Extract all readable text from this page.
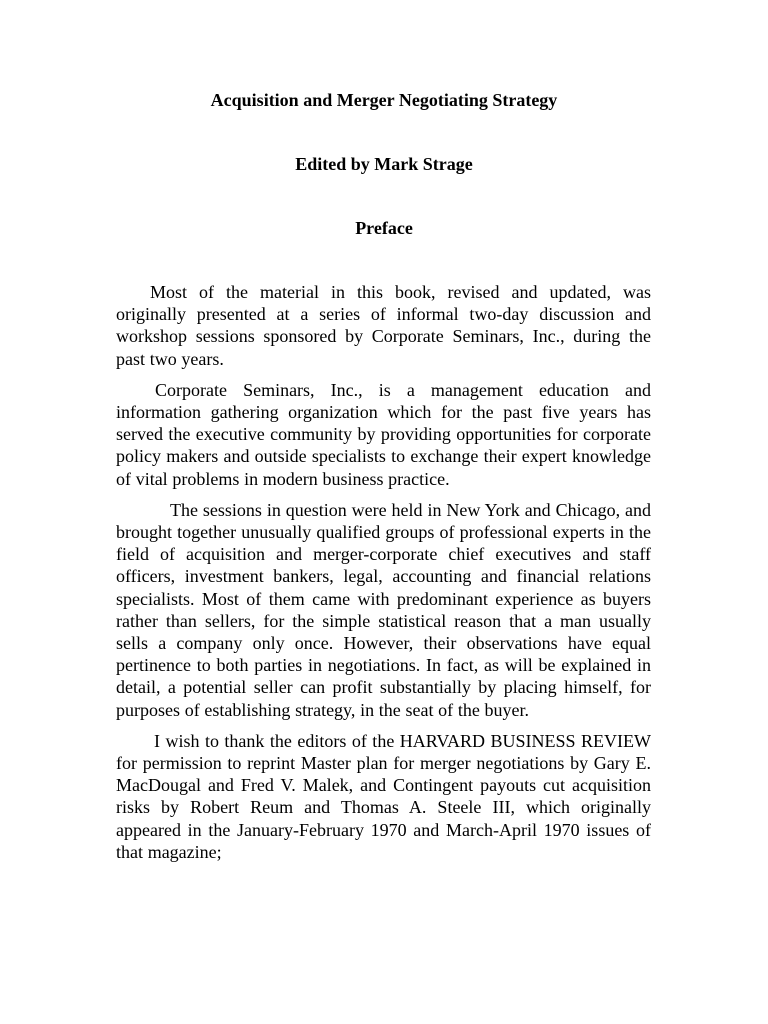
Acquisition and Merger Negotiating Strategy
Edited by Mark Strage
Preface

Most of the material in this book, revised and updated, was originally presented at a series of informal two-day discussion and workshop sessions sponsored by Corporate Seminars, Inc., during the past two years.

Corporate Seminars, Inc., is a management education and information gathering organization which for the past five years has served the executive community by providing opportunities for corporate policy makers and outside specialists to exchange their expert knowledge of vital problems in modern business practice.

The sessions in question were held in New York and Chicago, and brought together unusually qualified groups of professional experts in the field of acquisition and merger-corporate chief executives and staff officers, investment bankers, legal, accounting and financial relations specialists. Most of them came with predominant experience as buyers rather than sellers, for the simple statistical reason that a man usually sells a company only once. However, their observations have equal pertinence to both parties in negotiations. In fact, as will be explained in detail, a potential seller can profit substantially by placing himself, for purposes of establishing strategy, in the seat of the buyer.

I wish to thank the editors of the HARVARD BUSINESS REVIEW for permission to reprint Master plan for merger negotiations by Gary E. MacDougal and Fred V. Malek, and Contingent payouts cut acquisition risks by Robert Reum and Thomas A. Steele III, which originally appeared in the January-February 1970 and March-April 1970 issues of that magazine;
